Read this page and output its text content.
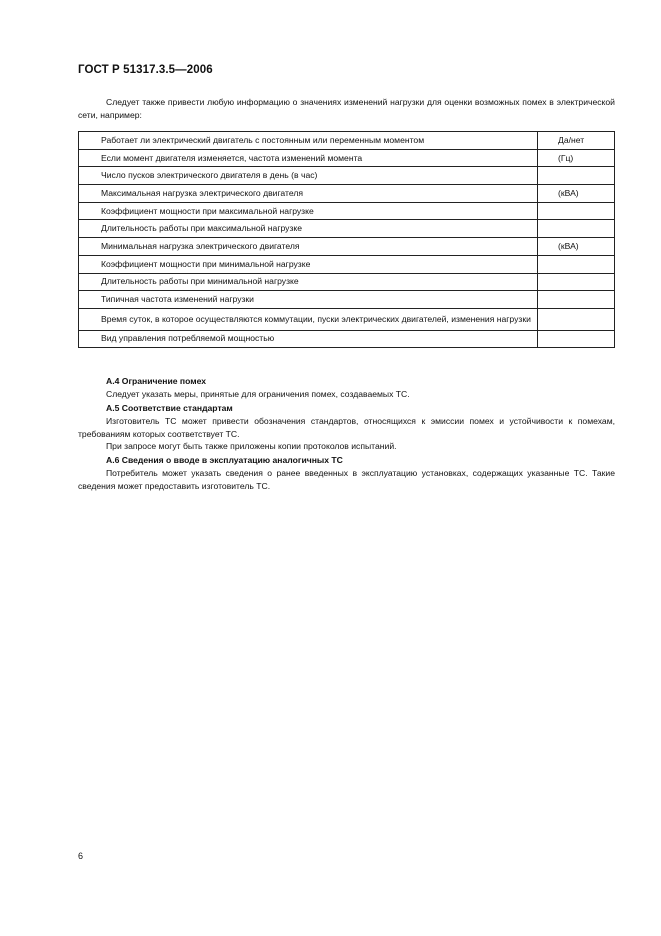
ГОСТ Р 51317.3.5—2006
Следует также привести любую информацию о значениях изменений нагрузки для оценки возможных помех в электрической сети, например:
Работает ли электрический двигатель с постоянным или переменным моментом	Да/нет
Если момент двигателя изменяется, частота изменений момента	(Гц)
Число пусков электрического двигателя в день (в час)	
Максимальная нагрузка электрического двигателя	(кВА)
Коэффициент мощности при максимальной нагрузке	
Длительность работы при максимальной нагрузке	
Минимальная нагрузка электрического двигателя	(кВА)
Коэффициент мощности при минимальной нагрузке	
Длительность работы при минимальной нагрузке	
Типичная частота изменений нагрузки	
Время суток, в которое осуществляются коммутации, пуски электрических двигателей, изменения нагрузки	
Вид управления потребляемой мощностью	
А.4 Ограничение помех
Следует указать меры, принятые для ограничения помех, создаваемых ТС.
А.5 Соответствие стандартам
Изготовитель ТС может привести обозначения стандартов, относящихся к эмиссии помех и устойчивости к помехам, требованиям которых соответствует ТС.
При запросе могут быть также приложены копии протоколов испытаний.
А.6 Сведения о вводе в эксплуатацию аналогичных ТС
Потребитель может указать сведения о ранее введенных в эксплуатацию установках, содержащих указанные ТС. Такие сведения может предоставить изготовитель ТС.
6
